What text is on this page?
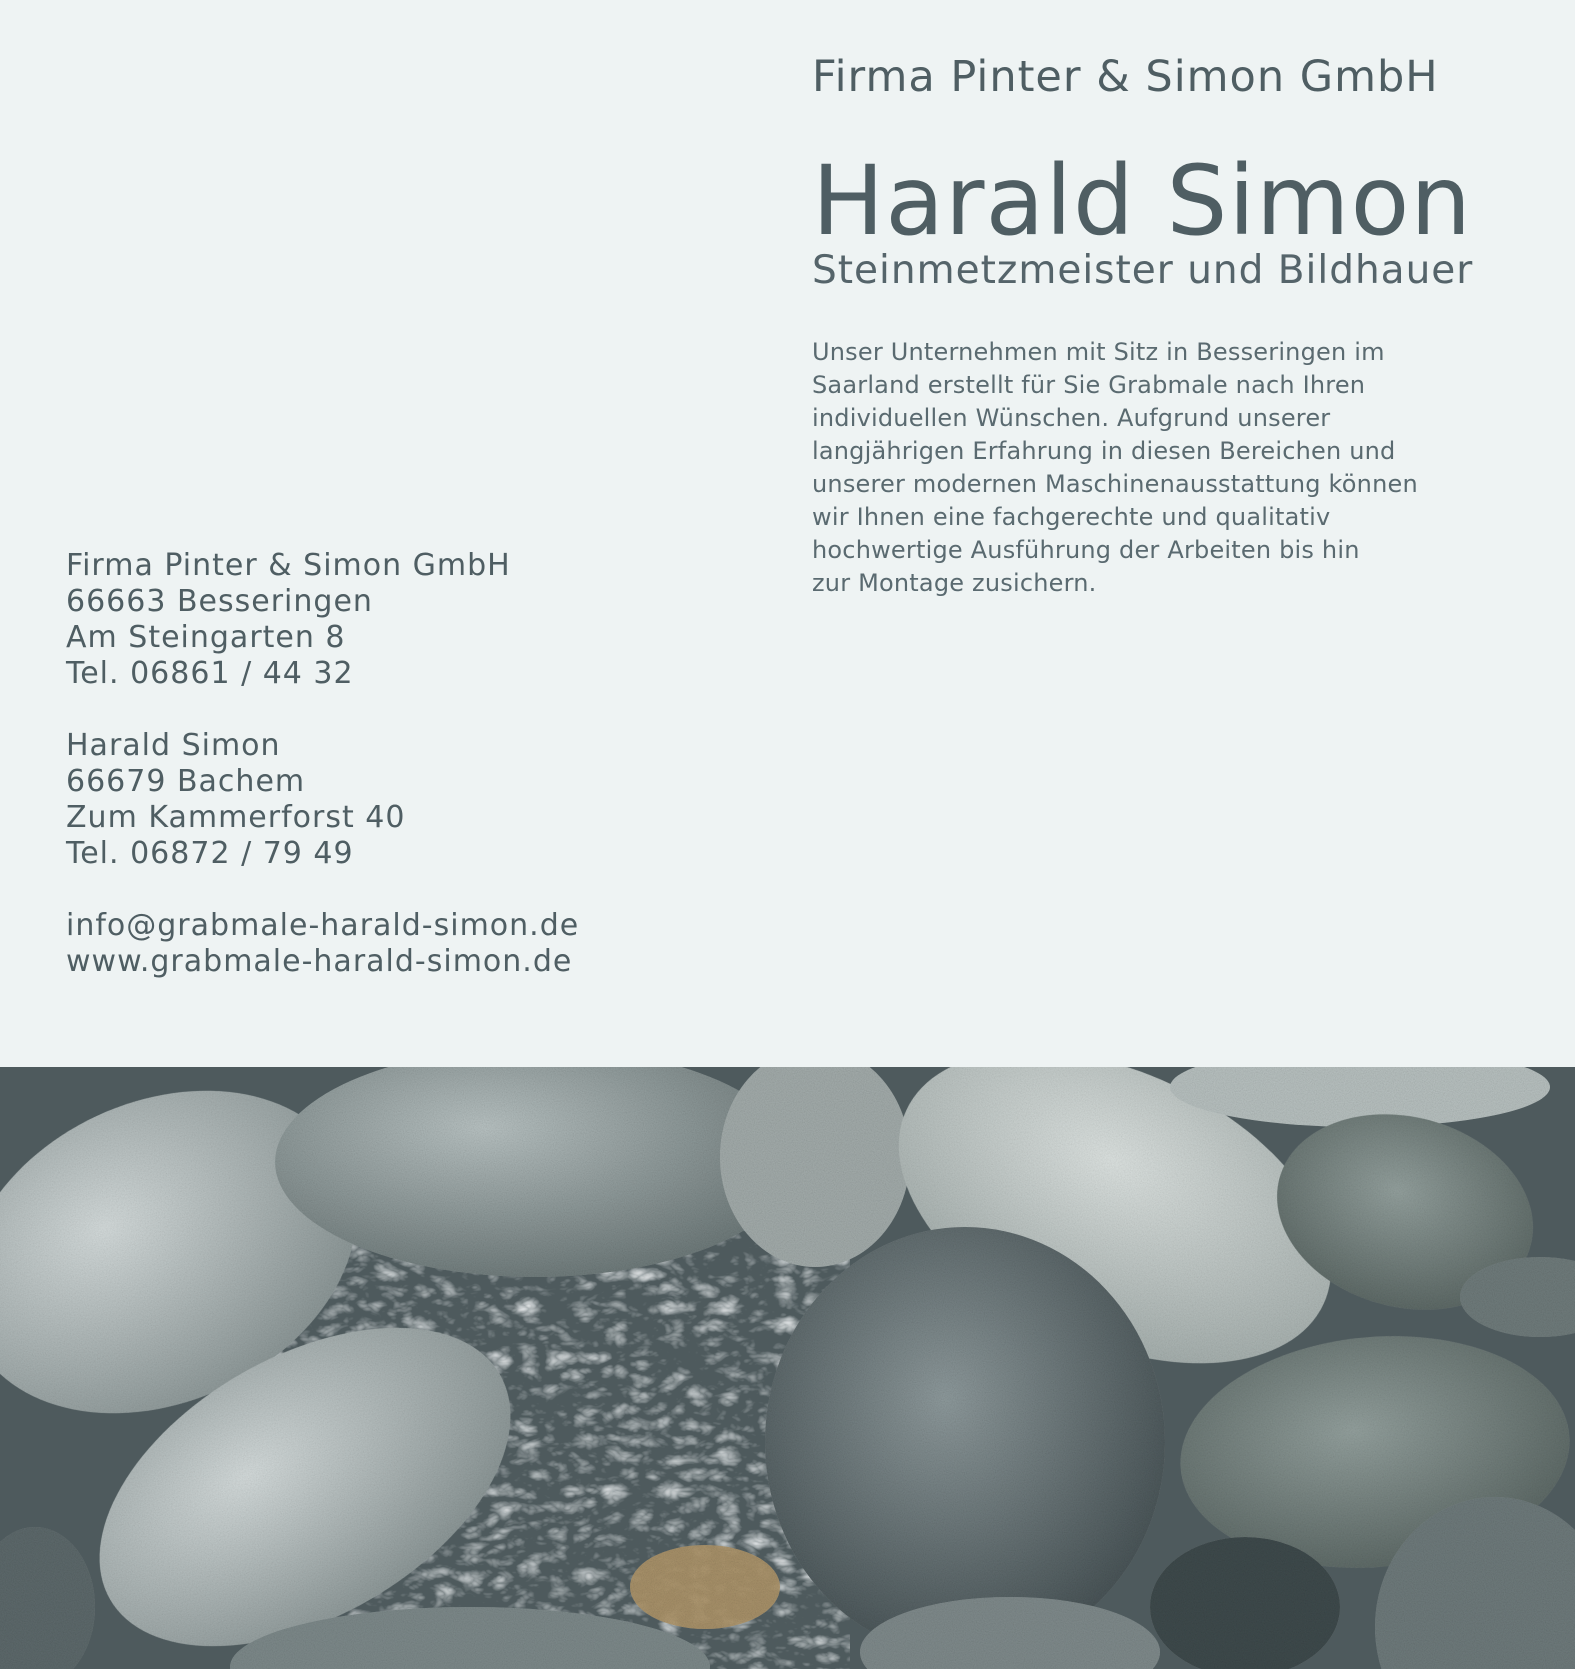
Firma Pinter & Simon GmbH
Harald Simon
Steinmetzmeister und Bildhauer
Unser Unternehmen mit Sitz in Besseringen im
Saarland erstellt für Sie Grabmale nach Ihren
individuellen Wünschen. Aufgrund unserer
langjährigen Erfahrung in diesen Bereichen und
unserer modernen Maschinenausstattung können
wir Ihnen eine fachgerechte und qualitativ
hochwertige Ausführung der Arbeiten bis hin
zur Montage zusichern.
Firma Pinter & Simon GmbH
66663 Besseringen
Am Steingarten 8
Tel. 06861 / 44 32
Harald Simon
66679 Bachem
Zum Kammerforst 40
Tel. 06872 / 79 49
info@grabmale-harald-simon.de
www.grabmale-harald-simon.de
